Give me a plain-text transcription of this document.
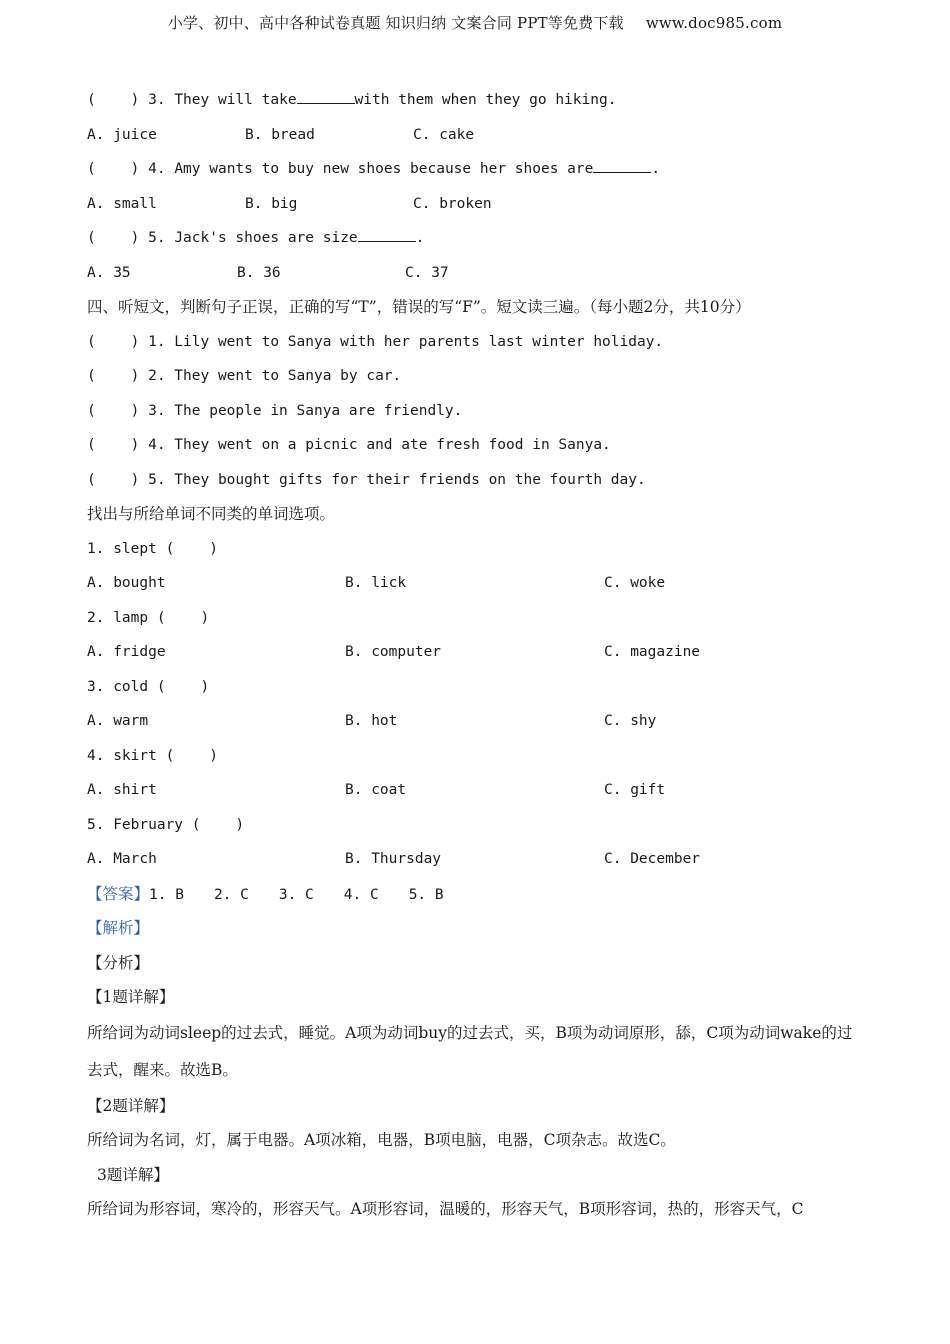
小学、初中、高中各种试卷真题 知识归纳 文案合同 PPT等免费下载 www.doc985.com
(    ) 3. They will take	with them when they go hiking.
A. juice	B. bread	C. cake
(    ) 4. Amy wants to buy new shoes because her shoes are	.
A. small	B. big	C. broken
(    ) 5. Jack's shoes are size	.
A. 35	B. 36	C. 37
四、听短文，判断句子正误，正确的写“T”，错误的写“F”。短文读三遍。（每小题2分，共10分）
(    ) 1. Lily went to Sanya with her parents last winter holiday.
(    ) 2. They went to Sanya by car.
(    ) 3. The people in Sanya are friendly.
(    ) 4. They went on a picnic and ate fresh food in Sanya.
(    ) 5. They bought gifts for their friends on the fourth day.
找出与所给单词不同类的单词选项。
1. slept (    )
A. bought	B. lick	C. woke
2. lamp (    )
A. fridge	B. computer	C. magazine
3. cold (    )
A. warm	B. hot	C. shy
4. skirt (    )
A. shirt	B. coat	C. gift
5. February (    )
A. March	B. Thursday	C. December
【答案】1. B 2. C 3. C 4. C 5. B
【解析】
【分析】
【1题详解】
所给词为动词sleep的过去式，睡觉。A项为动词buy的过去式，买，B项为动词原形，舔，C项为动词wake的过去式，醒来。故选B。
【2题详解】
所给词为名词，灯，属于电器。A项冰箱，电器，B项电脑，电器，C项杂志。故选C。
3题详解】
所给词为形容词，寒冷的，形容天气。A项形容词，温暖的，形容天气，B项形容词，热的，形容天气，C
